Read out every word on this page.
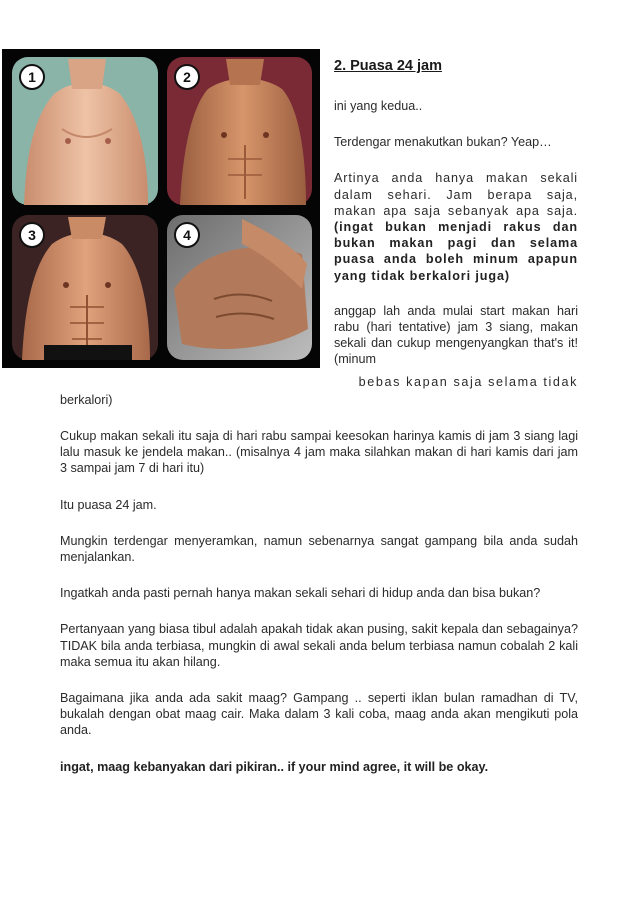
1	2
3	4
2. Puasa 24 jam

ini yang kedua..

Terdengar menakutkan bukan? Yeap…

Artinya anda hanya makan sekali dalam sehari. Jam berapa saja, makan apa saja sebanyak apa saja. (ingat bukan menjadi rakus dan bukan makan pagi dan selama puasa anda boleh minum apapun yang tidak berkalori juga)

anggap lah anda mulai start makan hari rabu (hari tentative) jam 3 siang, makan sekali dan cukup mengenyangkan that's it! (minum

bebas kapan saja selama tidak
berkalori)

Cukup makan sekali itu saja di hari rabu sampai keesokan harinya kamis di jam 3 siang lagi lalu masuk ke jendela makan.. (misalnya 4 jam maka silahkan makan di hari kamis dari jam 3 sampai jam 7 di hari itu)

Itu puasa 24 jam.

Mungkin terdengar menyeramkan, namun sebenarnya sangat gampang bila anda sudah menjalankan.

Ingatkah anda pasti pernah hanya makan sekali sehari di hidup anda dan bisa bukan?

Pertanyaan yang biasa tibul adalah apakah tidak akan pusing, sakit kepala dan sebagainya? TIDAK bila anda terbiasa, mungkin di awal sekali anda belum terbiasa namun cobalah 2 kali maka semua itu akan hilang.

Bagaimana jika anda ada sakit maag? Gampang .. seperti iklan bulan ramadhan di TV, bukalah dengan obat maag cair. Maka dalam 3 kali coba, maag anda akan mengikuti pola anda.

ingat, maag kebanyakan dari pikiran.. if your mind agree, it will be okay.
